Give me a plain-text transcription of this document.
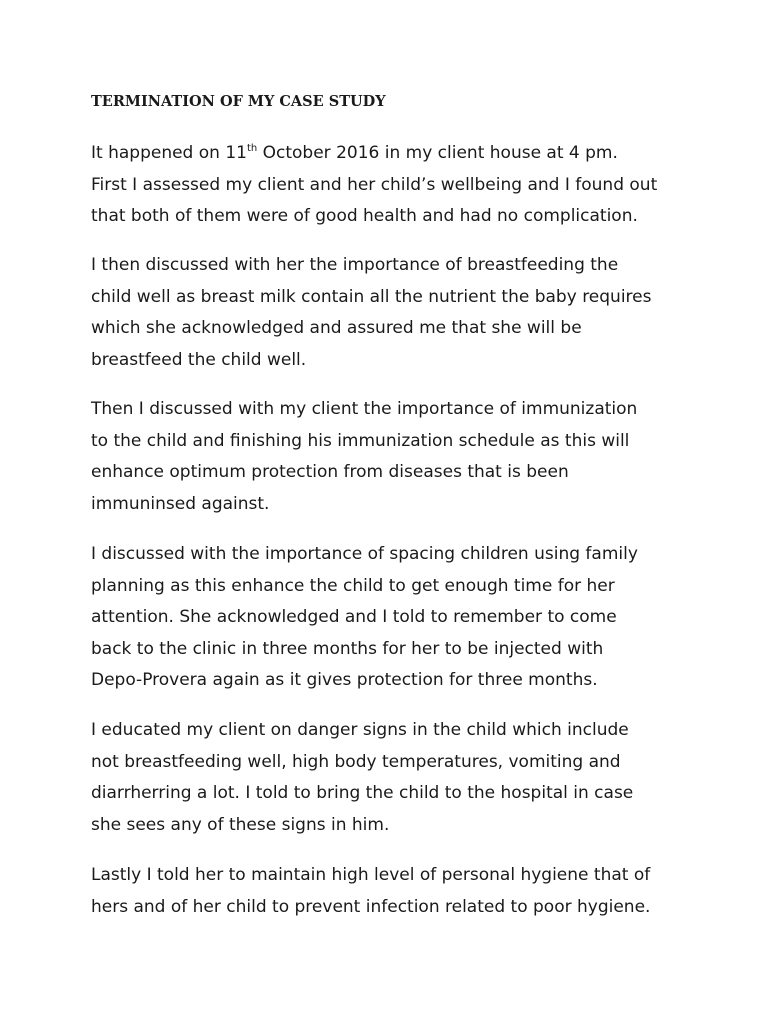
TERMINATION OF MY CASE STUDY

It happened on 11th October 2016 in my client house at 4 pm.
First I assessed my client and her child’s wellbeing and I found out
that both of them were of good health and had no complication.

I then discussed with her the importance of breastfeeding the
child well as breast milk contain all the nutrient the baby requires
which she acknowledged and assured me that she will be
breastfeed the child well.

Then I discussed with my client the importance of immunization
to the child and finishing his immunization schedule as this will
enhance optimum protection from diseases that is been
immuninsed against.

I discussed with the importance of spacing children using family
planning as this enhance the child to get enough time for her
attention. She acknowledged and I told to remember to come
back to the clinic in three months for her to be injected with
Depo-Provera again as it gives protection for three months.

I educated my client on danger signs in the child which include
not breastfeeding well, high body temperatures, vomiting and
diarrherring a lot. I told to bring the child to the hospital in case
she sees any of these signs in him.

Lastly I told her to maintain high level of personal hygiene that of
hers and of her child to prevent infection related to poor hygiene.
